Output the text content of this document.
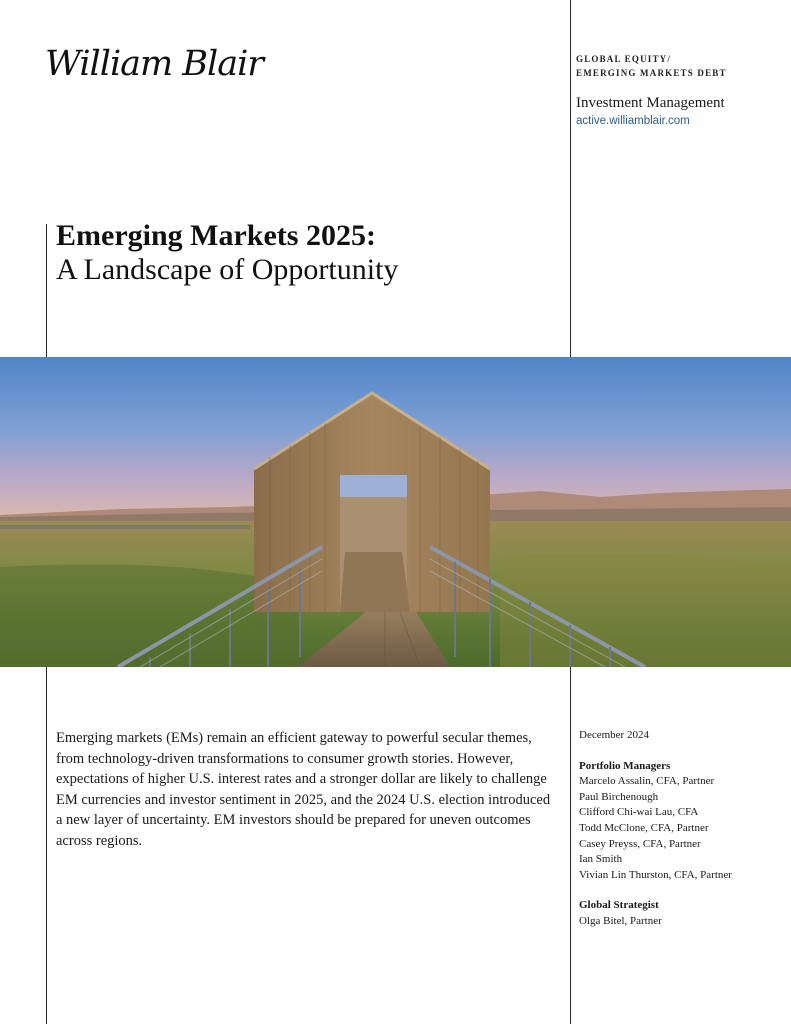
William Blair	GLOBAL EQUITY/
EMERGING MARKETS DEBT
Investment Management
active.williamblair.com
Emerging Markets 2025:
A Landscape of Opportunity
Emerging markets (EMs) remain an efficient gateway to powerful secular themes, from technology-driven transformations to consumer growth stories. However, expectations of higher U.S. interest rates and a stronger dollar are likely to challenge EM currencies and investor sentiment in 2025, and the 2024 U.S. election introduced a new layer of uncertainty. EM investors should be prepared for uneven outcomes across regions.
December 2024
Portfolio Managers
Marcelo Assalin, CFA, Partner
Paul Birchenough
Clifford Chi-wai Lau, CFA
Todd McClone, CFA, Partner
Casey Preyss, CFA, Partner
Ian Smith
Vivian Lin Thurston, CFA, Partner
Global Strategist
Olga Bitel, Partner
